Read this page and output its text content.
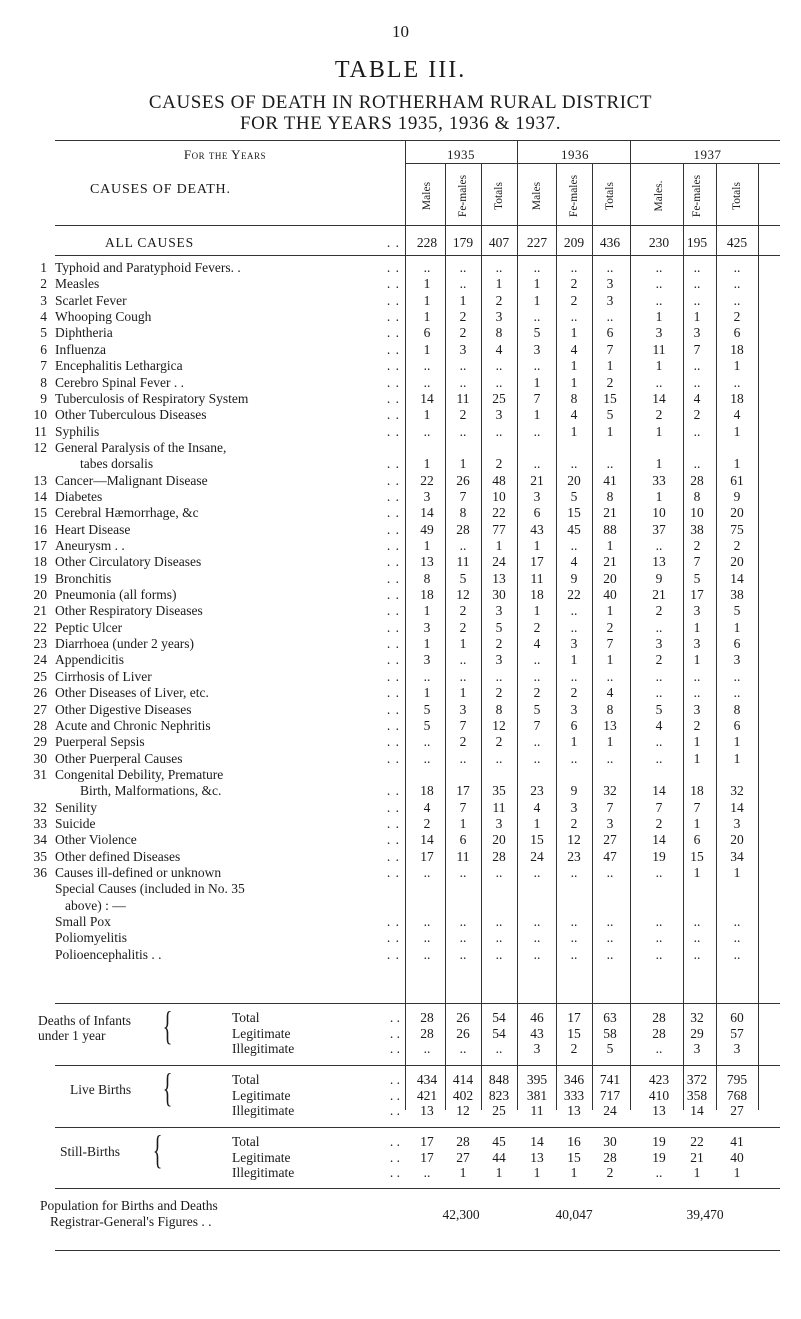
10
TABLE III.
CAUSES OF DEATH IN ROTHERHAM RURAL DISTRICT
FOR THE YEARS 1935, 1936 & 1937.
For the Years	1935	1936	1937
CAUSES OF DEATH.	Males Fe-males Totals Males Fe-males Totals	Males. Fe-males Totals
ALL CAUSES	. .	228	179	407	227	209	436	230	195	425
1 Typhoid and Paratyphoid Fevers. .	. .	..	..	..	..	..	..	..	..	..
2 Measles	. .	1	..	1	1	2	3	..	..	..
3 Scarlet Fever	. .	1	1	2	1	2	3	..	..	..
4 Whooping Cough	. .	1	2	3	..	..	..	1	1	2
5 Diphtheria	. .	6	2	8	5	1	6	3	3	6
6 Influenza	. .	1	3	4	3	4	7	11	7	18
7 Encephalitis Lethargica	. .	..	..	..	..	1	1	1	..	1
8 Cerebro Spinal Fever . .	. .	..	..	..	1	1	2	..	..	..
9 Tuberculosis of Respiratory System	. .	14	11	25	7	8	15	14	4	18
10 Other Tuberculous Diseases	. .	1	2	3	1	4	5	2	2	4
11 Syphilis	. .	..	..	..	..	1	1	1	..	1
12 General Paralysis of the Insane,
tabes dorsalis	. .	1	1	2	..	..	..	1	..	1
13 Cancer—Malignant Disease	. .	22	26	48	21	20	41	33	28	61
14 Diabetes	. .	3	7	10	3	5	8	1	8	9
15 Cerebral Hæmorrhage, &c	. .	14	8	22	6	15	21	10	10	20
16 Heart Disease	. .	49	28	77	43	45	88	37	38	75
17 Aneurysm . .	. .	1	..	1	1	..	1	..	2	2
18 Other Circulatory Diseases	. .	13	11	24	17	4	21	13	7	20
19 Bronchitis	. .	8	5	13	11	9	20	9	5	14
20 Pneumonia (all forms)	. .	18	12	30	18	22	40	21	17	38
21 Other Respiratory Diseases	. .	1	2	3	1	..	1	2	3	5
22 Peptic Ulcer	. .	3	2	5	2	..	2	..	1	1
23 Diarrhoea (under 2 years)	. .	1	1	2	4	3	7	3	3	6
24 Appendicitis	. .	3	..	3	..	1	1	2	1	3
25 Cirrhosis of Liver	. .	..	..	..	..	..	..	..	..	..
26 Other Diseases of Liver, etc.	. .	1	1	2	2	2	4	..	..	..
27 Other Digestive Diseases	. .	5	3	8	5	3	8	5	3	8
28 Acute and Chronic Nephritis	. .	5	7	12	7	6	13	4	2	6
29 Puerperal Sepsis	. .	..	2	2	..	1	1	..	1	1
30 Other Puerperal Causes	. .	..	..	..	..	..	..	..	1	1
31 Congenital Debility, Premature
Birth, Malformations, &c.	. .	18	17	35	23	9	32	14	18	32
32 Senility	. .	4	7	11	4	3	7	7	7	14
33 Suicide	. .	2	1	3	1	2	3	2	1	3
34 Other Violence	. .	14	6	20	15	12	27	14	6	20
35 Other defined Diseases	. .	17	11	28	24	23	47	19	15	34
36 Causes ill-defined or unknown	. .	..	..	..	..	..	..	..	1	1
Special Causes (included in No. 35
above) : —
Small Pox	. .	..	..	..	..	..	..	..	..	..
Poliomyelitis	. .	..	..	..	..	..	..	..	..	..
Polioencephalitis . .	. .	..	..	..	..	..	..	..	..	..
Deaths of Infants
under 1 year {	Total	. .	28	26	54	46	17	63	28	32	60
Legitimate	. .	28	26	54	43	15	58	28	29	57
Illegitimate	. .	..	..	..	3	2	5	..	3	3
Live Births {	Total	. .	434	414	848	395	346	741	423	372	795
Legitimate	. .	421	402	823	381	333	717	410	358	768
Illegitimate	. .	13	12	25	11	13	24	13	14	27
Still-Births {	Total	. .	17	28	45	14	16	30	19	22	41
Legitimate	. .	17	27	44	13	15	28	19	21	40
Illegitimate	. .	..	1	1	1	1	2	..	1	1
Population for Births and Deaths
Registrar-General's Figures . .	42,300	40,047	39,470
